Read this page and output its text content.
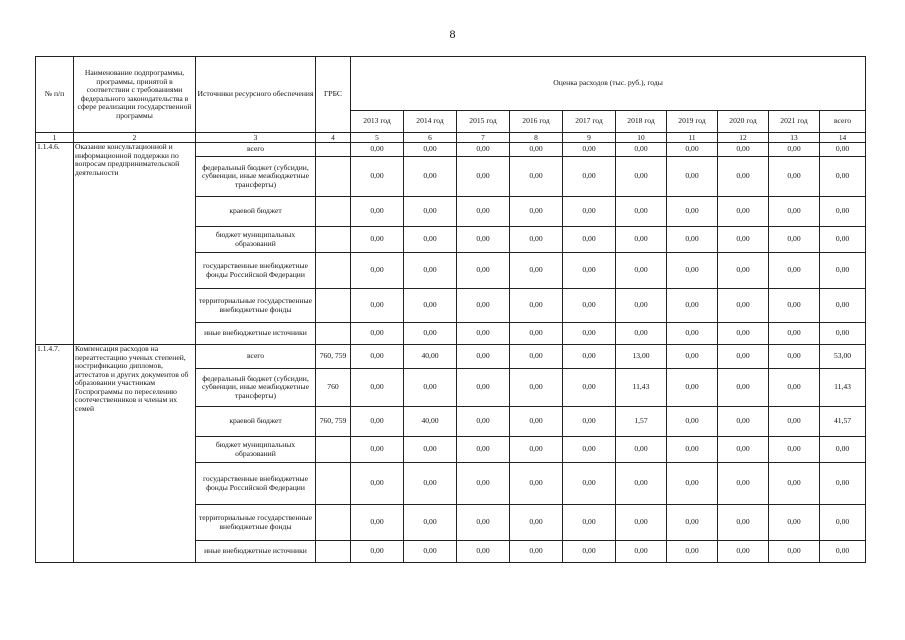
8
№ п/п	Наименование подпрограммы, программы, принятой в соответствии с требованиями федерального законодательства в сфере реализации государственной программы	Источники ресурсного обеспечения	ГРБС	Оценка расходов (тыс. руб.), годы									
				2013 год	2014 год	2015 год	2016 год	2017 год	2018 год	2019 год	2020 год	2021 год	всего
1	2	3	4	5	6	7	8	9	10	11	12	13	14
1.1.4.6.	Оказание консультационной и информационной поддержки по вопросам предпринимательской деятельности	всего		0,00	0,00	0,00	0,00	0,00	0,00	0,00	0,00	0,00	0,00
		федеральный бюджет (субсидии, субвенции, иные межбюджетные трансферты)		0,00	0,00	0,00	0,00	0,00	0,00	0,00	0,00	0,00	0,00
		краевой бюджет		0,00	0,00	0,00	0,00	0,00	0,00	0,00	0,00	0,00	0,00
		бюджет муниципальных образований		0,00	0,00	0,00	0,00	0,00	0,00	0,00	0,00	0,00	0,00
		государственные внебюджетные фонды Российской Федерации		0,00	0,00	0,00	0,00	0,00	0,00	0,00	0,00	0,00	0,00
		территориальные государственные внебюджетные фонды		0,00	0,00	0,00	0,00	0,00	0,00	0,00	0,00	0,00	0,00
		иные внебюджетные источники		0,00	0,00	0,00	0,00	0,00	0,00	0,00	0,00	0,00	0,00
1.1.4.7.	Компенсация расходов на переаттестацию ученых степеней, нострификацию дипломов, аттестатов и других документов об образовании участникам Госпрограммы по переселению соотечественников и членам их семей	всего	760, 759	0,00	40,00	0,00	0,00	0,00	13,00	0,00	0,00	0,00	53,00
		федеральный бюджет (субсидии, субвенции, иные межбюджетные трансферты)	760	0,00	0,00	0,00	0,00	0,00	11,43	0,00	0,00	0,00	11,43
		краевой бюджет	760, 759	0,00	40,00	0,00	0,00	0,00	1,57	0,00	0,00	0,00	41,57
		бюджет муниципальных образований		0,00	0,00	0,00	0,00	0,00	0,00	0,00	0,00	0,00	0,00
		государственные внебюджетные фонды Российской Федерации		0,00	0,00	0,00	0,00	0,00	0,00	0,00	0,00	0,00	0,00
		территориальные государственные внебюджетные фонды		0,00	0,00	0,00	0,00	0,00	0,00	0,00	0,00	0,00	0,00
		иные внебюджетные источники		0,00	0,00	0,00	0,00	0,00	0,00	0,00	0,00	0,00	0,00
